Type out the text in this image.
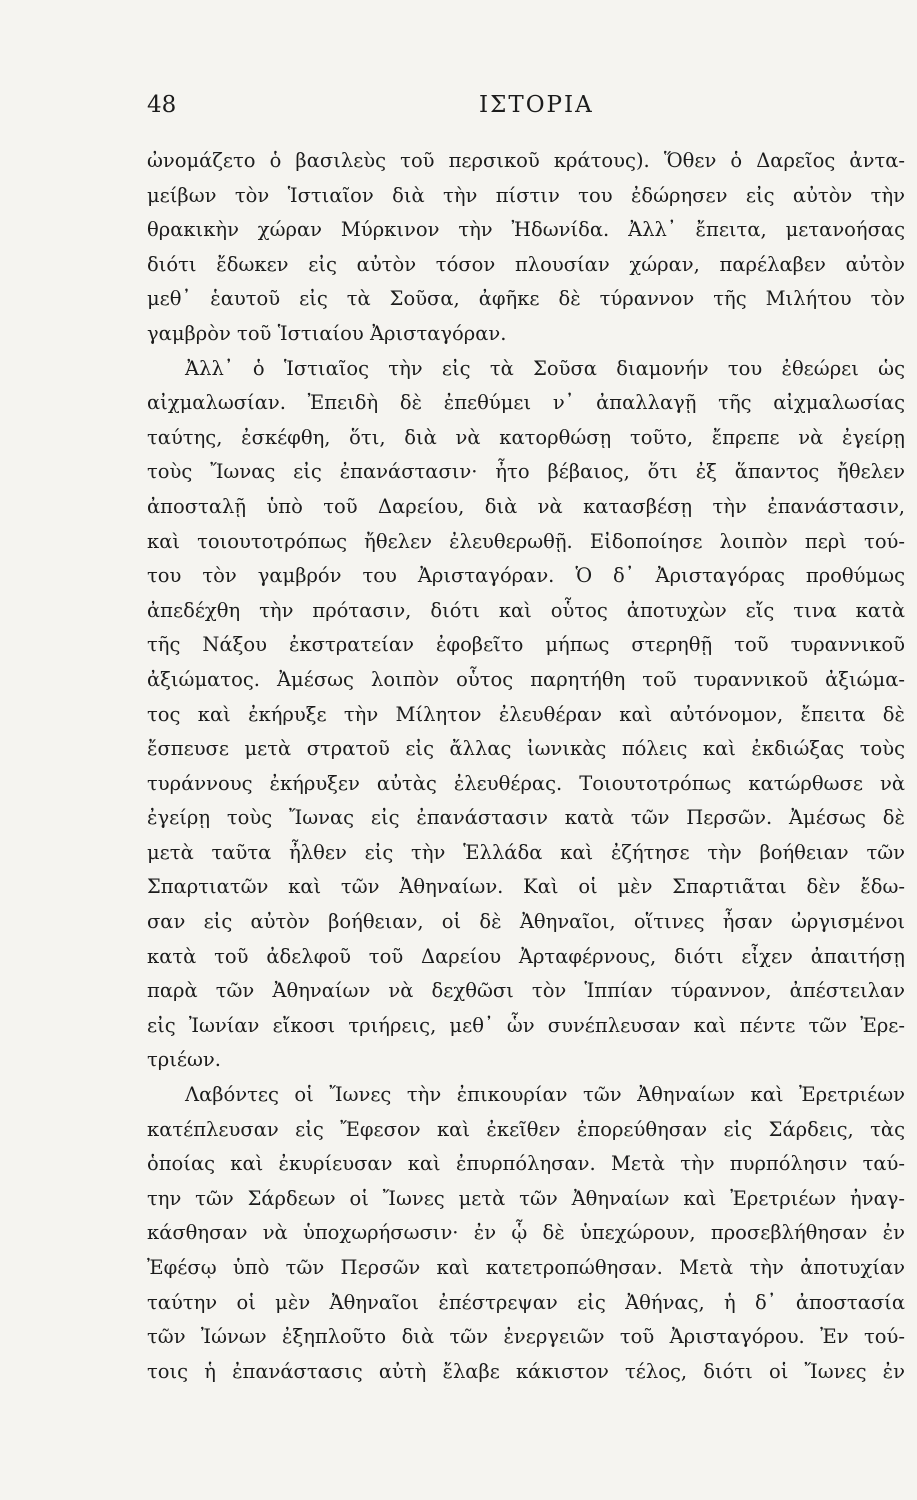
48	ΙΣΤΟΡΙΑ
ὠνομάζετο ὁ βασιλεὺς τοῦ περσικοῦ κράτους). Ὅθεν ὁ Δαρεῖος ἀντα-
μείβων τὸν Ἱστιαῖον διὰ τὴν πίστιν του ἐδώρησεν εἰς αὐτὸν τὴν
θρακικὴν χώραν Μύρκινον τὴν Ἠδωνίδα. Ἀλλ᾽ ἔπειτα, μετανοήσας
διότι ἔδωκεν εἰς αὐτὸν τόσον πλουσίαν χώραν, παρέλαβεν αὐτὸν
μεθ᾽ ἑαυτοῦ εἰς τὰ Σοῦσα, ἀφῆκε δὲ τύραννον τῆς Μιλήτου τὸν
γαμβρὸν τοῦ Ἱστιαίου Ἀρισταγόραν.
Ἀλλ᾽ ὁ Ἱστιαῖος τὴν εἰς τὰ Σοῦσα διαμονήν του ἐθεώρει ὡς
αἰχμαλωσίαν. Ἐπειδὴ δὲ ἐπεθύμει ν᾽ ἀπαλλαγῇ τῆς αἰχμαλωσίας
ταύτης, ἐσκέφθη, ὅτι, διὰ νὰ κατορθώσῃ τοῦτο, ἔπρεπε νὰ ἐγείρῃ
τοὺς Ἴωνας εἰς ἐπανάστασιν· ἦτο βέβαιος, ὅτι ἐξ ἅπαντος ἤθελεν
ἀποσταλῇ ὑπὸ τοῦ Δαρείου, διὰ νὰ κατασβέσῃ τὴν ἐπανάστασιν,
καὶ τοιουτοτρόπως ἤθελεν ἐλευθερωθῇ. Εἰδοποίησε λοιπὸν περὶ τού-
του τὸν γαμβρόν του Ἀρισταγόραν. Ὁ δ᾽ Ἀρισταγόρας προθύμως
ἀπεδέχθη τὴν πρότασιν, διότι καὶ οὗτος ἀποτυχὼν εἴς τινα κατὰ
τῆς Νάξου ἐκστρατείαν ἐφοβεῖτο μήπως στερηθῇ τοῦ τυραννικοῦ
ἀξιώματος. Ἀμέσως λοιπὸν οὗτος παρητήθη τοῦ τυραννικοῦ ἀξιώμα-
τος καὶ ἐκήρυξε τὴν Μίλητον ἐλευθέραν καὶ αὐτόνομον, ἔπειτα δὲ
ἔσπευσε μετὰ στρατοῦ εἰς ἄλλας ἰωνικὰς πόλεις καὶ ἐκδιώξας τοὺς
τυράννους ἐκήρυξεν αὐτὰς ἐλευθέρας. Τοιουτοτρόπως κατώρθωσε νὰ
ἐγείρῃ τοὺς Ἴωνας εἰς ἐπανάστασιν κατὰ τῶν Περσῶν. Ἀμέσως δὲ
μετὰ ταῦτα ἦλθεν εἰς τὴν Ἑλλάδα καὶ ἐζήτησε τὴν βοήθειαν τῶν
Σπαρτιατῶν καὶ τῶν Ἀθηναίων. Καὶ οἱ μὲν Σπαρτιᾶται δὲν ἔδω-
σαν εἰς αὐτὸν βοήθειαν, οἱ δὲ Ἀθηναῖοι, οἵτινες ἦσαν ὠργισμένοι
κατὰ τοῦ ἀδελφοῦ τοῦ Δαρείου Ἀρταφέρνους, διότι εἶχεν ἀπαιτήσῃ
παρὰ τῶν Ἀθηναίων νὰ δεχθῶσι τὸν Ἱππίαν τύραννον, ἀπέστειλαν
εἰς Ἰωνίαν εἴκοσι τριήρεις, μεθ᾽ ὧν συνέπλευσαν καὶ πέντε τῶν Ἐρε-
τριέων.
Λαβόντες οἱ Ἴωνες τὴν ἐπικουρίαν τῶν Ἀθηναίων καὶ Ἐρετριέων
κατέπλευσαν εἰς Ἔφεσον καὶ ἐκεῖθεν ἐπορεύθησαν εἰς Σάρδεις, τὰς
ὁποίας καὶ ἐκυρίευσαν καὶ ἐπυρπόλησαν. Μετὰ τὴν πυρπόλησιν ταύ-
την τῶν Σάρδεων οἱ Ἴωνες μετὰ τῶν Ἀθηναίων καὶ Ἐρετριέων ἠναγ-
κάσθησαν νὰ ὑποχωρήσωσιν· ἐν ᾧ δὲ ὑπεχώρουν, προσεβλήθησαν ἐν
Ἐφέσῳ ὑπὸ τῶν Περσῶν καὶ κατετροπώθησαν. Μετὰ τὴν ἀποτυχίαν
ταύτην οἱ μὲν Ἀθηναῖοι ἐπέστρεψαν εἰς Ἀθήνας, ἡ δ᾽ ἀποστασία
τῶν Ἰώνων ἐξηπλοῦτο διὰ τῶν ἐνεργειῶν τοῦ Ἀρισταγόρου. Ἐν τού-
τοις ἡ ἐπανάστασις αὐτὴ ἔλαβε κάκιστον τέλος, διότι οἱ Ἴωνες ἐν
